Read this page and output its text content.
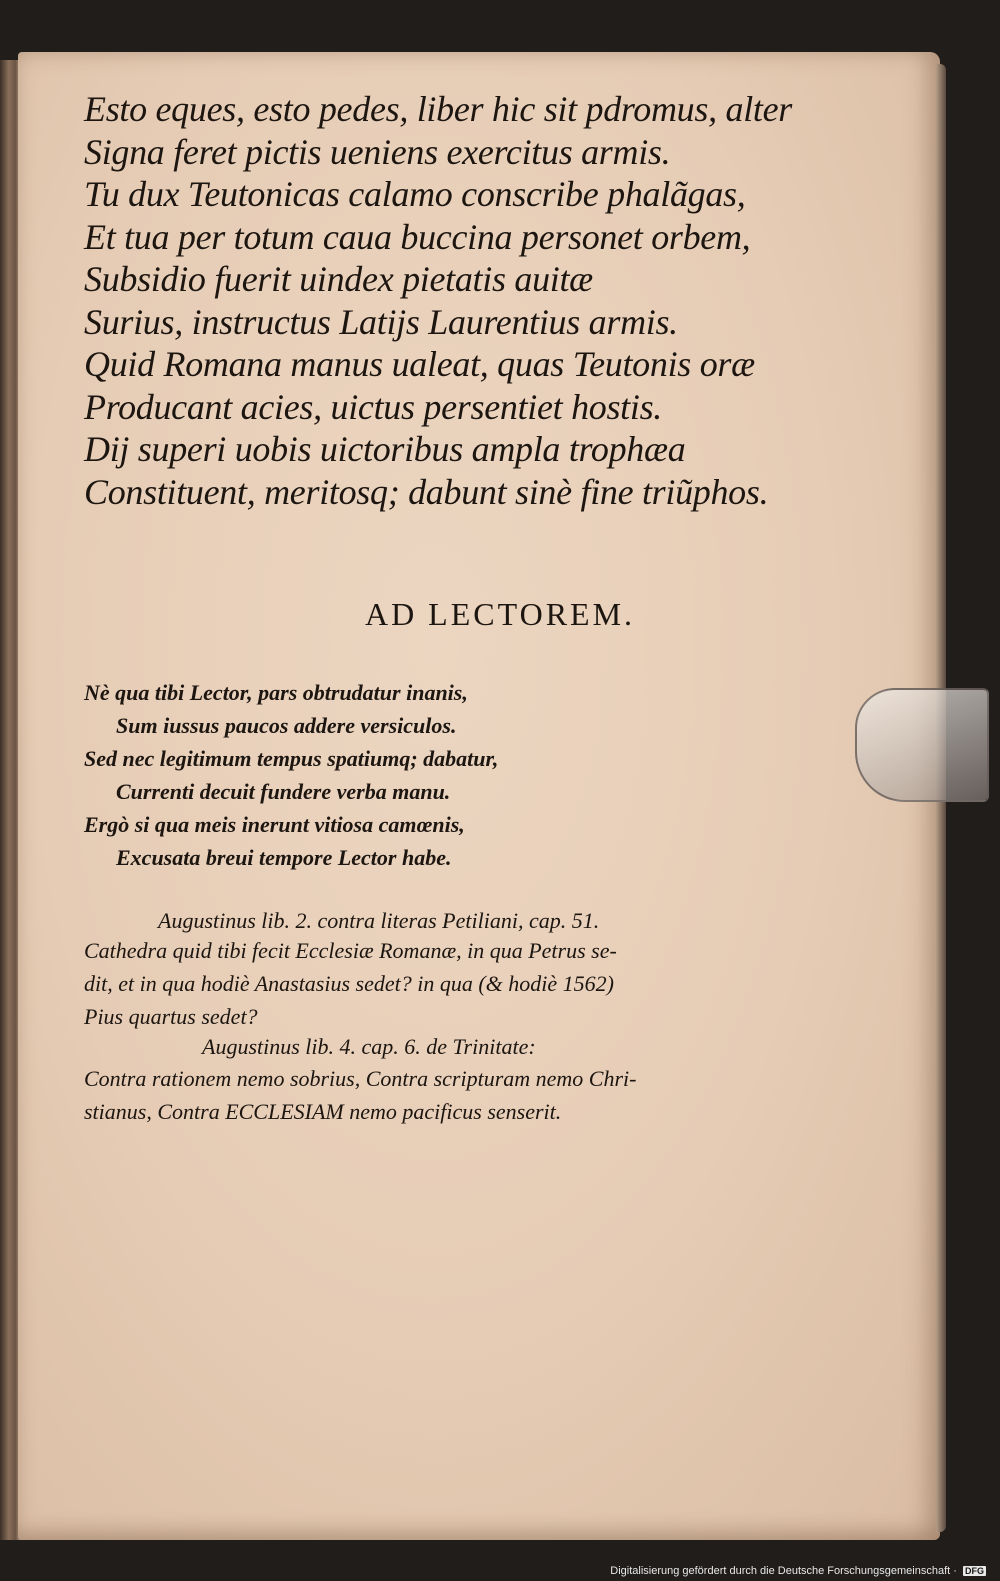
Esto eques, esto pedes, liber hic sit pdromus, alter
Signa feret pictis ueniens exercitus armis.
Tu dux Teutonicas calamo conscribe phalãgas,
Et tua per totum caua buccina personet orbem,
Subsidio fuerit uindex pietatis auitæ
Surius, instructus Latijs Laurentius armis.
Quid Romana manus ualeat, quas Teutonis oræ
Producant acies, uictus persentiet hostis.
Dij superi uobis uictoribus ampla trophæa
Constituent, meritosq; dabunt sinè fine triũphos.
AD LECTOREM.
Nè qua tibi Lector, pars obtrudatur inanis,
Sum iussus paucos addere versiculos.
Sed nec legitimum tempus spatiumq; dabatur,
Currenti decuit fundere verba manu.
Ergò si qua meis inerunt vitiosa camœnis,
Excusata breui tempore Lector habe.
Augustinus lib. 2. contra literas Petiliani, cap. 51.
Cathedra quid tibi fecit Ecclesiæ Romanæ, in qua Petrus se-
dit, et in qua hodiè Anastasius sedet? in qua (& hodiè 1562)
Pius quartus sedet?
Augustinus lib. 4. cap. 6. de Trinitate:
Contra rationem nemo sobrius, Contra scripturam nemo Chri-
stianus, Contra ECCLESIAM nemo pacificus senserit.
Digitalisierung gefördert durch die Deutsche Forschungsgemeinschaft · DFG
